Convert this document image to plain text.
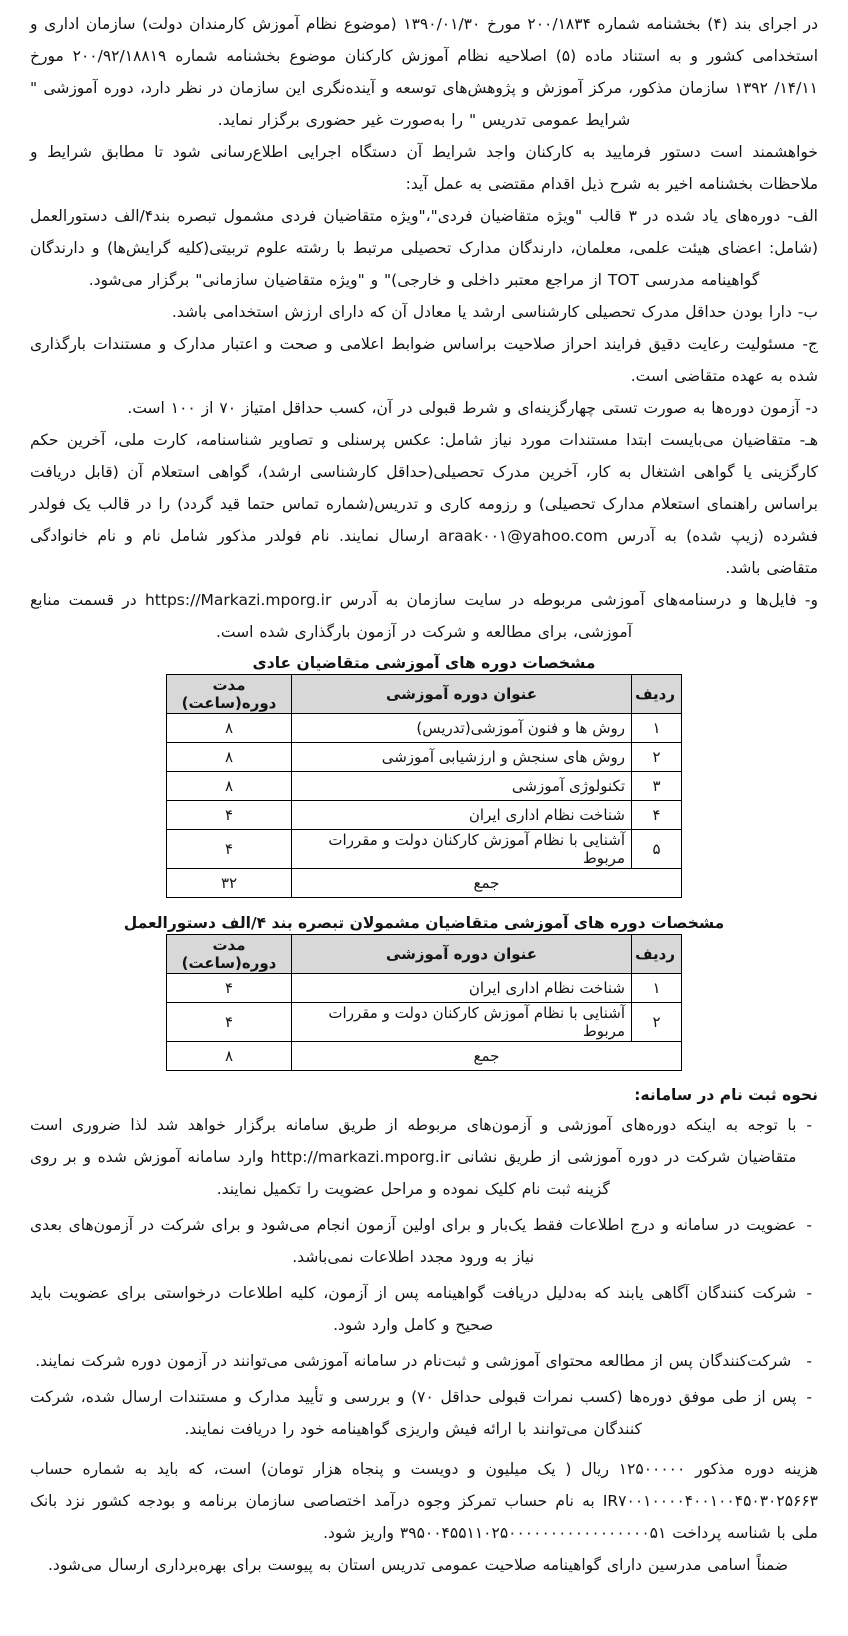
در اجرای بند (۴) بخشنامه شماره ۲۰۰/۱۸۳۴ مورخ ۱۳۹۰/۰۱/۳۰ (موضوع نظام آموزش کارمندان دولت) سازمان اداری و استخدامی کشور و به استناد ماده (۵) اصلاحیه نظام آموزش کارکنان موضوع بخشنامه شماره ۲۰۰/۹۲/۱۸۸۱۹ مورخ ۱۴/۱۱/ ۱۳۹۲ سازمان مذکور، مرکز آموزش و پژوهش‌های توسعه و آینده‌نگری این سازمان در نظر دارد، دوره آموزشی " شرایط عمومی تدریس " را به‌صورت غیر حضوری برگزار نماید.

خواهشمند است دستور فرمایید به کارکنان واجد شرایط آن دستگاه اجرایی اطلاع‌رسانی شود تا مطابق شرایط و ملاحظات بخشنامه اخیر به شرح ذیل اقدام مقتضی به عمل آید:

الف- دوره‌های یاد شده در ۳ قالب "ویژه متقاضیان فردی"،"ویژه متقاضیان فردی مشمول تبصره بند۴/الف دستورالعمل (شامل: اعضای هیئت علمی، معلمان، دارندگان مدارک تحصیلی مرتبط با رشته علوم تربیتی(کلیه گرایش‌ها) و دارندگان گواهینامه مدرسی TOT از مراجع معتبر داخلی و خارجی)" و "ویژه متقاضیان سازمانی" برگزار می‌شود.

ب- دارا بودن حداقل مدرک تحصیلی کارشناسی ارشد یا معادل آن که دارای ارزش استخدامی باشد.

ج- مسئولیت رعایت دقیق فرایند احراز صلاحیت براساس ضوابط اعلامی و صحت و اعتبار مدارک و مستندات بارگذاری شده به عهده متقاضی است.

د- آزمون دوره‌ها به صورت تستی چهارگزینه‌ای و شرط قبولی در آن، کسب حداقل امتیاز ۷۰ از ۱۰۰ است.

هـ- متقاضیان می‌بایست ابتدا مستندات مورد نیاز شامل: عکس پرسنلی و تصاویر شناسنامه، کارت ملی، آخرین حکم کارگزینی یا گواهی اشتغال به کار، آخرین مدرک تحصیلی(حداقل کارشناسی ارشد)، گواهی استعلام آن (قابل دریافت براساس راهنمای استعلام مدارک تحصیلی) و رزومه کاری و تدریس(شماره تماس حتما قید گردد) را در قالب یک فولدر فشرده (زیپ شده) به آدرس araak۰۰۱@yahoo.com ارسال نمایند. نام فولدر مذکور شامل نام و نام خانوادگی متقاضی باشد.

و- فایل‌ها و درسنامه‌های آموزشی مربوطه در سایت سازمان به آدرس https://Markazi.mporg.ir در قسمت منابع آموزشی، برای مطالعه و شرکت در آزمون بارگذاری شده است.

مشخصات دوره های آموزشی متقاضیان عادی
ردیف	عنوان دوره آموزشی	مدت دوره(ساعت)
۱	روش ها و فنون آموزشی(تدریس)	۸
۲	روش های سنجش و ارزشیابی آموزشی	۸
۳	تکنولوژی آموزشی	۸
۴	شناخت نظام اداری ایران	۴
۵	آشنایی با نظام آموزش کارکنان دولت و مقررات مربوط	۴
جمع		۳۲
مشخصات دوره های آموزشی متقاضیان مشمولان تبصره بند ۴/الف دستورالعمل
ردیف	عنوان دوره آموزشی	مدت دوره(ساعت)
۱	شناخت نظام اداری ایران	۴
۲	آشنایی با نظام آموزش کارکنان دولت و مقررات مربوط	۴
جمع		۸
نحوه ثبت نام در سامانه:
-

با توجه به اینکه دوره‌های آموزشی و آزمون‌های مربوطه از طریق سامانه برگزار خواهد شد لذا ضروری است متقاضیان شرکت در دوره آموزشی از طریق نشانی http://markazi.mporg.ir وارد سامانه آموزش شده و بر روی گزینه ثبت نام کلیک نموده و مراحل عضویت را تکمیل نمایند.

-

عضویت در سامانه و درج اطلاعات فقط یک‌بار و برای اولین آزمون انجام می‌شود و برای شرکت در آزمون‌های بعدی نیاز به ورود مجدد اطلاعات نمی‌باشد.

-

شرکت کنندگان آگاهی یابند که به‌دلیل دریافت گواهینامه پس از آزمون، کلیه اطلاعات درخواستی برای عضویت باید صحیح و کامل وارد شود.

-

شرکت‌کنندگان پس از مطالعه محتوای آموزشی و ثبت‌نام در سامانه آموزشی می‌توانند در آزمون دوره شرکت نمایند.

-

پس از طی موفق دوره‌ها (کسب نمرات قبولی حداقل ۷۰) و بررسی و تأیید مدارک و مستندات ارسال شده، شرکت کنندگان می‌توانند با ارائه فیش واریزی گواهینامه خود را دریافت نمایند.

هزینه دوره مذکور ۱۲۵۰۰۰۰۰ ریال ( یک میلیون و دویست و پنجاه هزار تومان) است، که باید به شماره حساب IR۷۰۰۱۰۰۰۰۴۰۰۱۰۰۴۵۰۳۰۲۵۶۶۳ به نام حساب تمرکز وجوه درآمد اختصاصی سازمان برنامه و بودجه کشور نزد بانک ملی با شناسه پرداخت ۳۹۵۰۰۴۵۵۱۱۰۲۵۰۰۰۰۰۰۰۰۰۰۰۰۰۰۰۰۰۵۱ واریز شود.

ضمناً اسامی مدرسین دارای گواهینامه صلاحیت عمومی تدریس استان به پیوست برای بهره‌برداری ارسال می‌شود.
